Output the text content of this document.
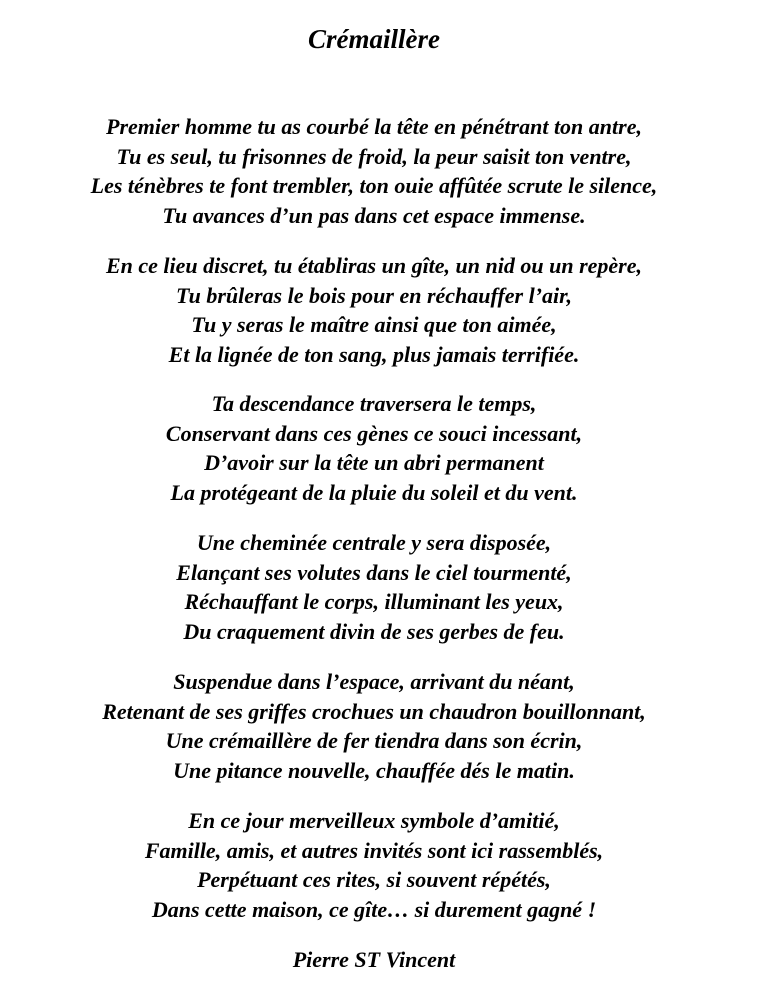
Crémaillère
Premier homme tu as courbé la tête en pénétrant ton antre,
Tu es seul, tu frisonnes de froid, la peur saisit ton ventre,
Les ténèbres te font trembler, ton ouie affûtée scrute le silence,
Tu avances d’un pas dans cet espace immense.
En ce lieu discret, tu établiras un gîte, un nid ou un repère,
Tu brûleras le bois pour en réchauffer l’air,
Tu y seras le maître ainsi que ton aimée,
Et la lignée de ton sang, plus jamais terrifiée.
Ta descendance traversera le temps,
Conservant dans ces gènes ce souci incessant,
D’avoir sur la tête un abri permanent
La protégeant de la pluie du soleil et du vent.
Une cheminée centrale y sera disposée,
Elançant ses volutes dans le ciel tourmenté,
Réchauffant le corps, illuminant les yeux,
Du craquement divin de ses gerbes de feu.
Suspendue dans l’espace, arrivant du néant,
Retenant de ses griffes crochues un chaudron bouillonnant,
Une crémaillère de fer tiendra dans son écrin,
Une pitance nouvelle, chauffée dés le matin.
En ce jour merveilleux symbole d’amitié,
Famille, amis, et autres invités sont ici rassemblés,
Perpétuant ces rites, si souvent répétés,
Dans cette maison, ce gîte… si durement gagné !

Pierre ST Vincent
